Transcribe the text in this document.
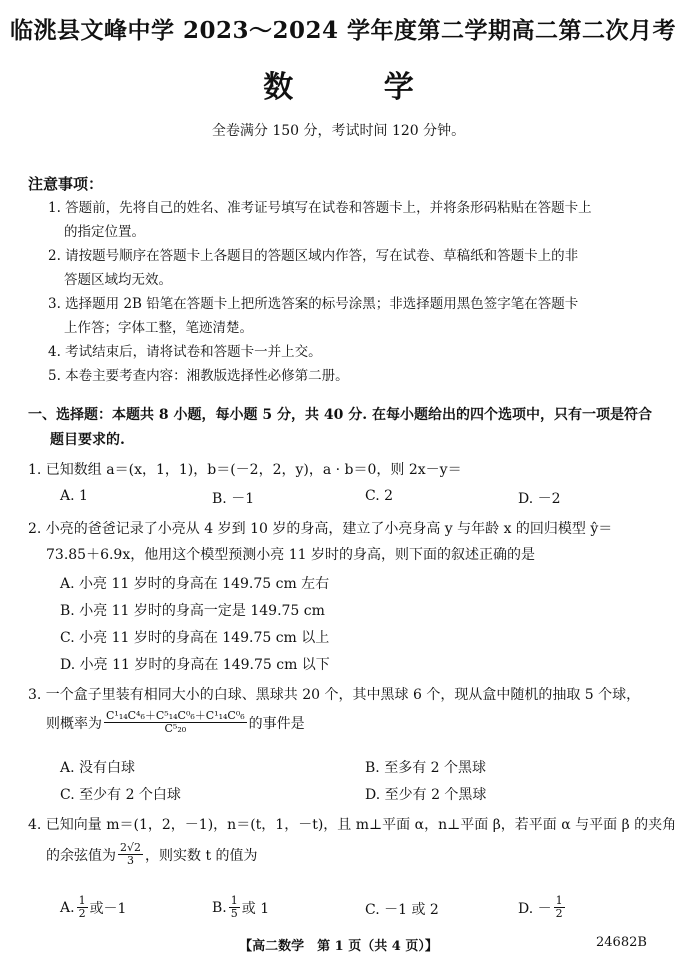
临洮县文峰中学 2023～2024 学年度第二学期高二第二次月考
数 学
全卷满分 150 分，考试时间 120 分钟。
注意事项：
1. 答题前，先将自己的姓名、准考证号填写在试卷和答题卡上，并将条形码粘贴在答题卡上
的指定位置。
2. 请按题号顺序在答题卡上各题目的答题区域内作答，写在试卷、草稿纸和答题卡上的非
答题区域均无效。
3. 选择题用 2B 铅笔在答题卡上把所选答案的标号涂黑；非选择题用黑色签字笔在答题卡
上作答；字体工整，笔迹清楚。
4. 考试结束后，请将试卷和答题卡一并上交。
5. 本卷主要考查内容：湘教版选择性必修第二册。
一、选择题：本题共 8 小题，每小题 5 分，共 40 分. 在每小题给出的四个选项中，只有一项是符合
题目要求的.
1. 已知数组 a＝(x，1，1)，b＝(－2，2，y)，a · b＝0，则 2x－y＝
A. 1	B. －1	C. 2	D. －2
2. 小亮的爸爸记录了小亮从 4 岁到 10 岁的身高，建立了小亮身高 y 与年龄 x 的回归模型 ŷ＝
73.85＋6.9x，他用这个模型预测小亮 11 岁时的身高，则下面的叙述正确的是
A. 小亮 11 岁时的身高在 149.75 cm 左右
B. 小亮 11 岁时的身高一定是 149.75 cm
C. 小亮 11 岁时的身高在 149.75 cm 以上
D. 小亮 11 岁时的身高在 149.75 cm 以下
3. 一个盒子里装有相同大小的白球、黑球共 20 个，其中黑球 6 个，现从盒中随机的抽取 5 个球，
则概率为 $\frac{\text{C¹₁₄C⁴₆＋C⁵₁₄C⁰₆＋C¹₁₄C⁰₆}}{\text{C⁵₂₀}}$ 的事件是
A. 没有白球	B. 至多有 2 个黑球
C. 至少有 2 个白球	D. 至少有 2 个黑球
4. 已知向量 m＝(1，2，－1)，n＝(t，1，－t)，且 m⊥平面 α，n⊥平面 β，若平面 α 与平面 β 的夹角
的余弦值为 $\frac{2√2}{3}$ ，则实数 t 的值为
A. $\frac{1}{2}$ 或－1	B. $\frac{1}{5}$ 或 1	C. －1 或 2	D. － $\frac{1}{2}$
【高二数学　第 1 页（共 4 页）】	24682B
